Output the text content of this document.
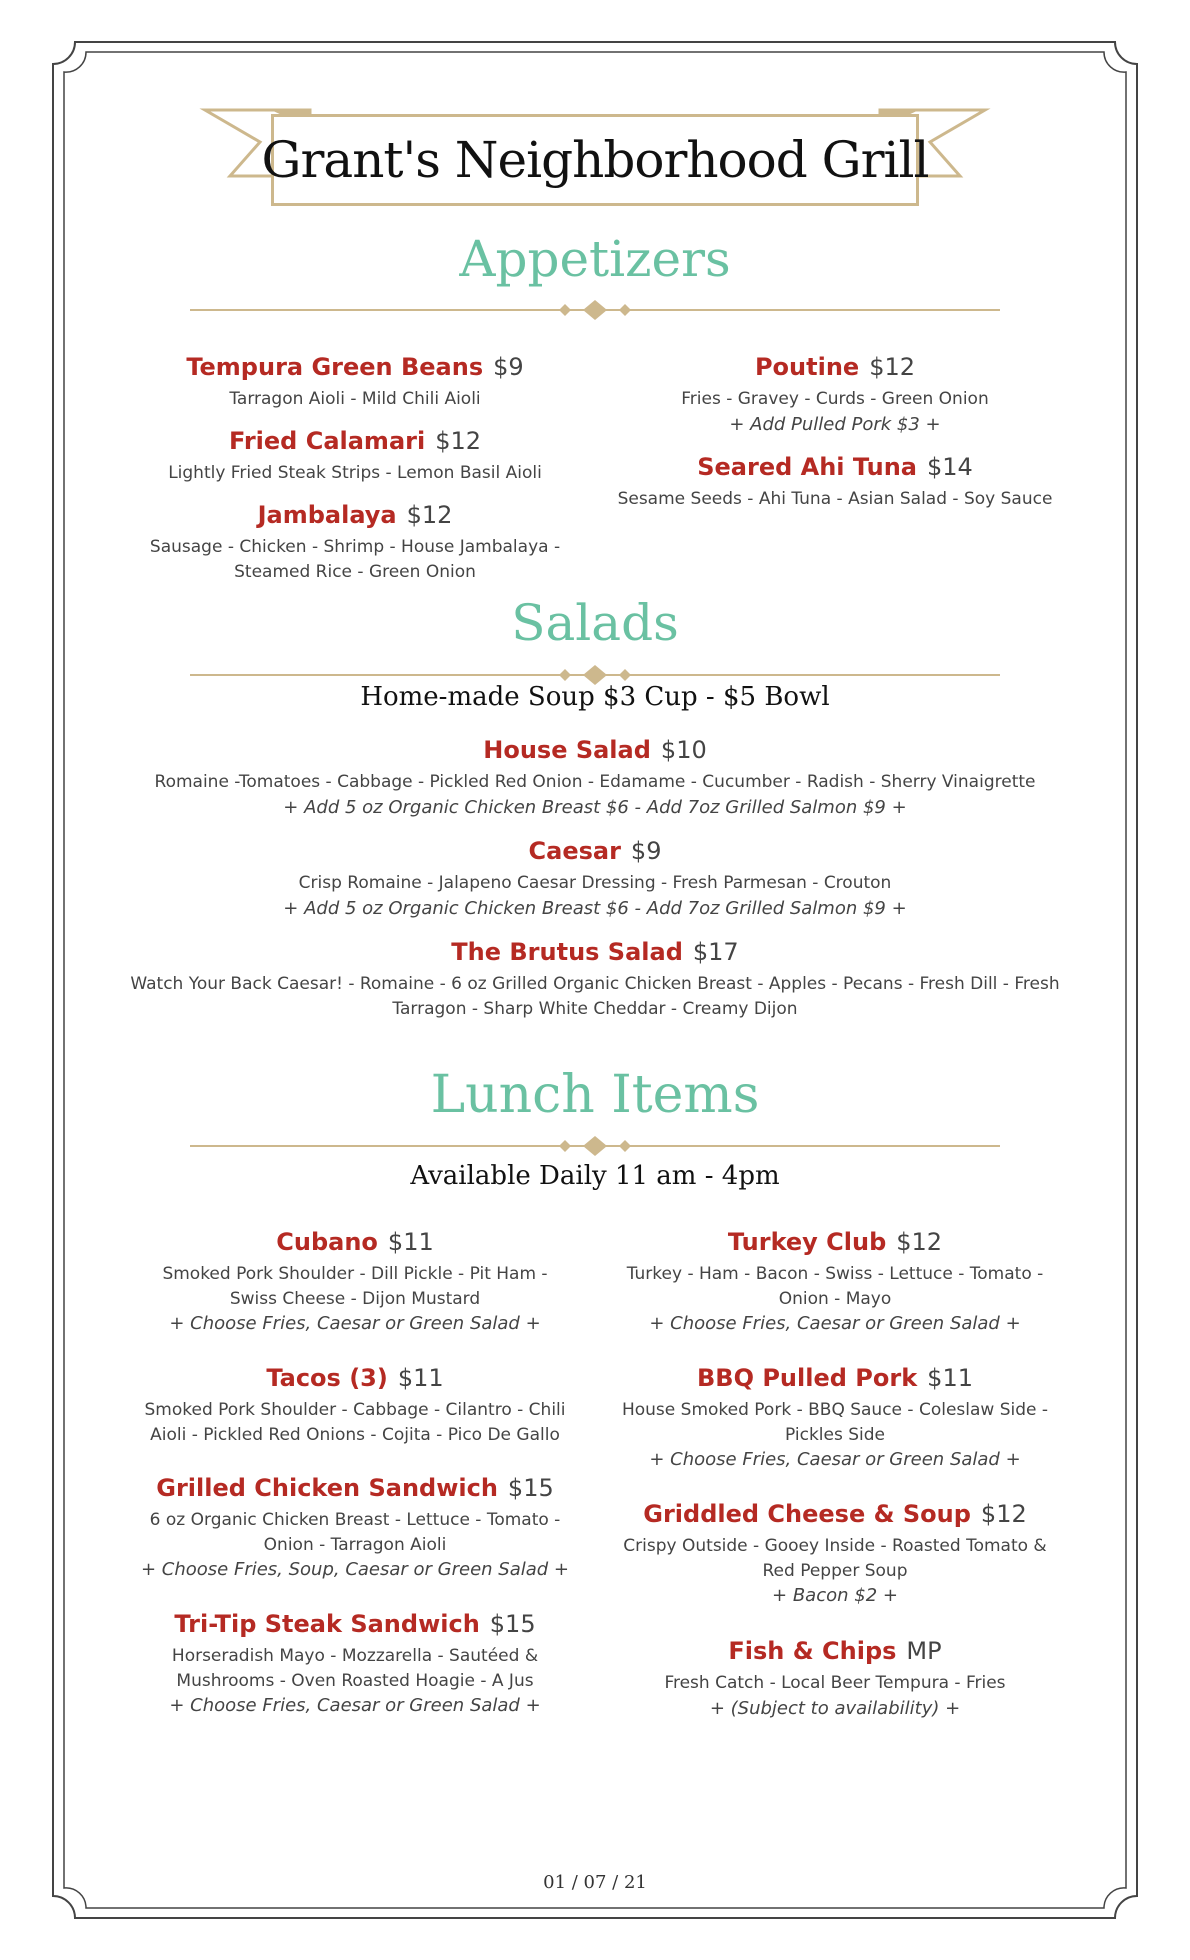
Grant's Neighborhood Grill
Appetizers
Tempura Green Beans $9
Tarragon Aioli - Mild Chili Aioli
Fried Calamari $12
Lightly Fried Steak Strips - Lemon Basil Aioli
Jambalaya $12
Sausage - Chicken - Shrimp - House Jambalaya -
Steamed Rice - Green Onion
Poutine $12
Fries - Gravey - Curds - Green Onion
+ Add Pulled Pork $3 +
Seared Ahi Tuna $14
Sesame Seeds - Ahi Tuna - Asian Salad - Soy Sauce
Salads
Home-made Soup $3 Cup - $5 Bowl
House Salad $10
Romaine -Tomatoes - Cabbage - Pickled Red Onion - Edamame - Cucumber - Radish - Sherry Vinaigrette
+ Add 5 oz Organic Chicken Breast $6 - Add 7oz Grilled Salmon $9 +
Caesar $9
Crisp Romaine - Jalapeno Caesar Dressing - Fresh Parmesan - Crouton
+ Add 5 oz Organic Chicken Breast $6 - Add 7oz Grilled Salmon $9 +
The Brutus Salad $17
Watch Your Back Caesar! - Romaine - 6 oz Grilled Organic Chicken Breast - Apples - Pecans - Fresh Dill - Fresh
Tarragon - Sharp White Cheddar - Creamy Dijon
Lunch Items
Available Daily 11 am - 4pm
Cubano $11
Smoked Pork Shoulder - Dill Pickle - Pit Ham -
Swiss Cheese - Dijon Mustard
+ Choose Fries, Caesar or Green Salad +
Tacos (3) $11
Smoked Pork Shoulder - Cabbage - Cilantro - Chili
Aioli - Pickled Red Onions - Cojita - Pico De Gallo
Grilled Chicken Sandwich $15
6 oz Organic Chicken Breast - Lettuce - Tomato -
Onion - Tarragon Aioli
+ Choose Fries, Soup, Caesar or Green Salad +
Tri-Tip Steak Sandwich $15
Horseradish Mayo - Mozzarella - Sautéed &
Mushrooms - Oven Roasted Hoagie - A Jus
+ Choose Fries, Caesar or Green Salad +
Turkey Club $12
Turkey - Ham - Bacon - Swiss - Lettuce - Tomato -
Onion - Mayo
+ Choose Fries, Caesar or Green Salad +
BBQ Pulled Pork $11
House Smoked Pork - BBQ Sauce - Coleslaw Side -
Pickles Side
+ Choose Fries, Caesar or Green Salad +
Griddled Cheese & Soup $12
Crispy Outside - Gooey Inside - Roasted Tomato &
Red Pepper Soup
+ Bacon $2 +
Fish & Chips MP
Fresh Catch - Local Beer Tempura - Fries
+ (Subject to availability) +
01 / 07 / 21
